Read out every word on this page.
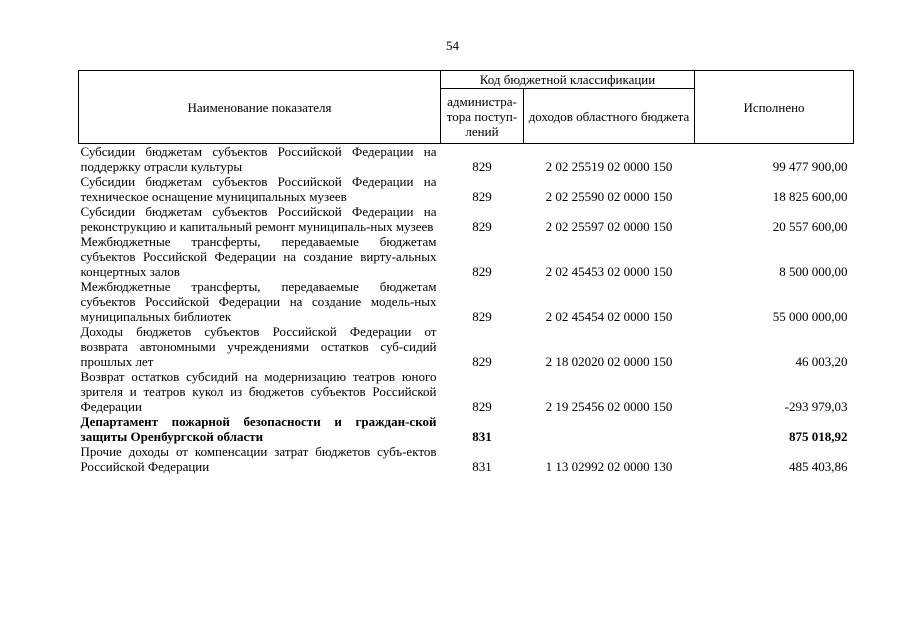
54
Наименование показателя	Код бюджетной классификации		Исполнено
	администра-тора поступ-лений	доходов областного бюджета	
Субсидии бюджетам субъектов Российской Федерации на поддержку отрасли культуры	829	2 02 25519 02 0000 150	99 477 900,00
Субсидии бюджетам субъектов Российской Федерации на техническое оснащение муниципальных музеев	829	2 02 25590 02 0000 150	18 825 600,00
Субсидии бюджетам субъектов Российской Федерации на реконструкцию и капитальный ремонт муниципаль-ных музеев	829	2 02 25597 02 0000 150	20 557 600,00
Межбюджетные трансферты, передаваемые бюджетам субъектов Российской Федерации на создание вирту-альных концертных залов	829	2 02 45453 02 0000 150	8 500 000,00
Межбюджетные трансферты, передаваемые бюджетам субъектов Российской Федерации на создание модель-ных муниципальных библиотек	829	2 02 45454 02 0000 150	55 000 000,00
Доходы бюджетов субъектов Российской Федерации от возврата автономными учреждениями остатков суб-сидий прошлых лет	829	2 18 02020 02 0000 150	46 003,20
Возврат остатков субсидий на модернизацию театров юного зрителя и театров кукол из бюджетов субъектов Российской Федерации	829	2 19 25456 02 0000 150	-293 979,03
Департамент пожарной безопасности и граждан-ской защиты Оренбургской области	831		875 018,92
Прочие доходы от компенсации затрат бюджетов субъ-ектов Российской Федерации	831	1 13 02992 02 0000 130	485 403,86
